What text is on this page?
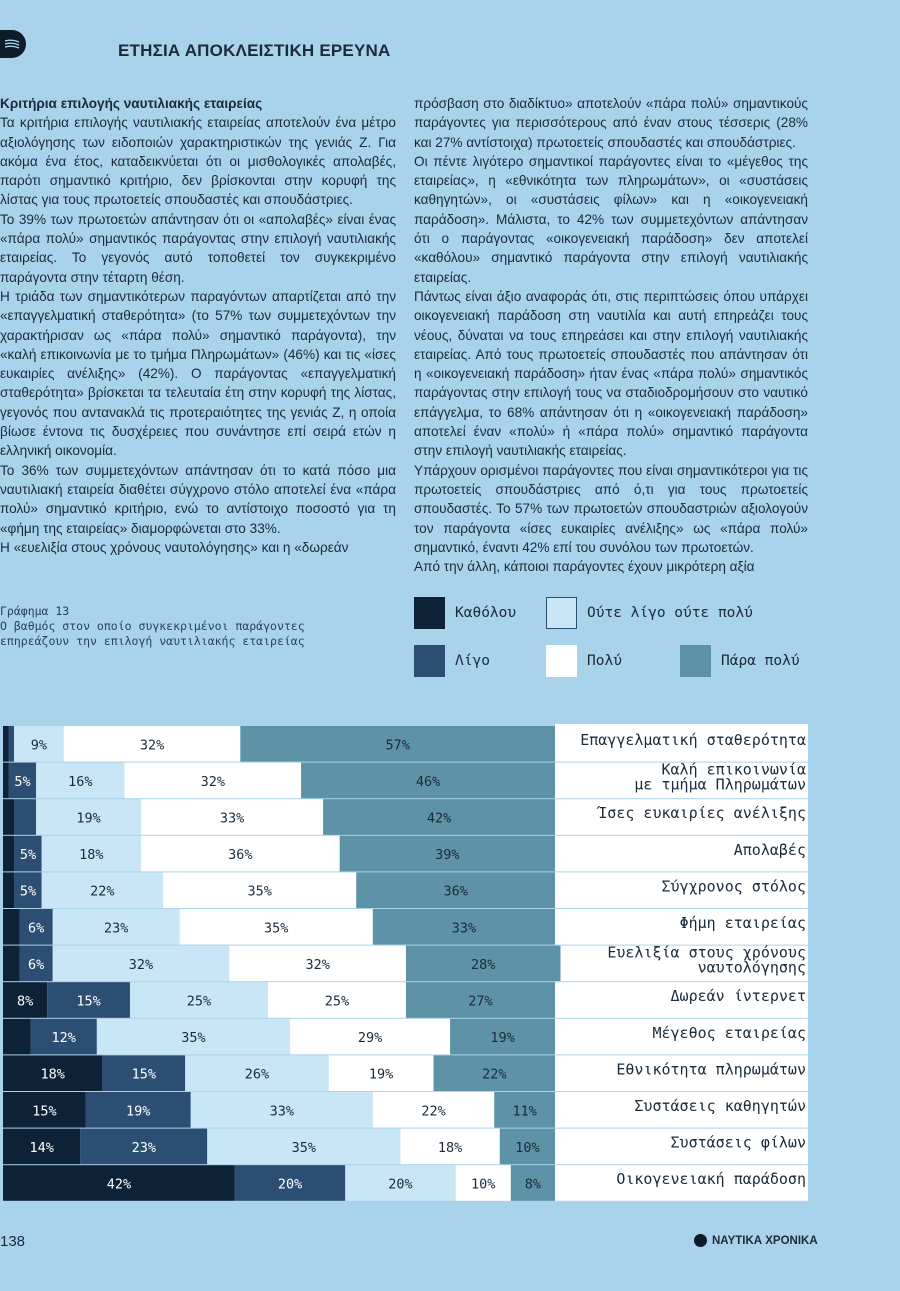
ΕΤΗΣΙΑ ΑΠΟΚΛΕΙΣΤΙΚΗ ΕΡΕΥΝΑ

Κριτήρια επιλογής ναυτιλιακής εταιρείας

Τα κριτήρια επιλογής ναυτιλιακής εταιρείας αποτελούν ένα μέτρο αξιολόγησης των ειδοποιών χαρακτηριστικών της γενιάς Ζ. Για ακόμα ένα έτος, καταδεικνύεται ότι οι μισθολογικές απολαβές, παρότι σημαντικό κριτήριο, δεν βρίσκονται στην κορυφή της λίστας για τους πρωτοετείς σπουδαστές και σπουδάστριες.

Το 39% των πρωτοετών απάντησαν ότι οι «απολαβές» είναι ένας «πάρα πολύ» σημαντικός παράγοντας στην επιλογή ναυτιλιακής εταιρείας. Το γεγονός αυτό τοποθετεί τον συγκεκριμένο παράγοντα στην τέταρτη θέση.

Η τριάδα των σημαντικότερων παραγόντων απαρτίζεται από την «επαγγελματική σταθερότητα» (το 57% των συμμετεχόντων την χαρακτήρισαν ως «πάρα πολύ» σημαντικό παράγοντα), την «καλή επικοινωνία με το τμήμα Πληρωμάτων» (46%) και τις «ίσες ευκαιρίες ανέλιξης» (42%). Ο παράγοντας «επαγγελματική σταθερότητα» βρίσκεται τα τελευταία έτη στην κορυφή της λίστας, γεγονός που αντανακλά τις προτεραιότητες της γενιάς Ζ, η οποία βίωσε έντονα τις δυσχέρειες που συνάντησε επί σειρά ετών η ελληνική οικονομία.

Το 36% των συμμετεχόντων απάντησαν ότι το κατά πόσο μια ναυτιλιακή εταιρεία διαθέτει σύγχρονο στόλο αποτελεί ένα «πάρα πολύ» σημαντικό κριτήριο, ενώ το αντίστοιχο ποσοστό για τη «φήμη της εταιρείας» διαμορφώνεται στο 33%.

Η «ευελιξία στους χρόνους ναυτολόγησης» και η «δωρεάν

πρόσβαση στο διαδίκτυο» αποτελούν «πάρα πολύ» σημαντικούς παράγοντες για περισσότερους από έναν στους τέσσερις (28% και 27% αντίστοιχα) πρωτοετείς σπουδαστές και σπουδάστριες.

Οι πέντε λιγότερο σημαντικοί παράγοντες είναι το «μέγεθος της εταιρείας», η «εθνικότητα των πληρωμάτων», οι «συστάσεις καθηγητών», οι «συστάσεις φίλων» και η «οικογενειακή παράδοση». Μάλιστα, το 42% των συμμετεχόντων απάντησαν ότι ο παράγοντας «οικογενειακή παράδοση» δεν αποτελεί «καθόλου» σημαντικό παράγοντα στην επιλογή ναυτιλιακής εταιρείας.

Πάντως είναι άξιο αναφοράς ότι, στις περιπτώσεις όπου υπάρχει οικογενειακή παράδοση στη ναυτιλία και αυτή επηρεάζει τους νέους, δύναται να τους επηρεάσει και στην επιλογή ναυτιλιακής εταιρείας. Από τους πρωτοετείς σπουδαστές που απάντησαν ότι η «οικογενειακή παράδοση» ήταν ένας «πάρα πολύ» σημαντικός παράγοντας στην επιλογή τους να σταδιοδρομήσουν στο ναυτικό επάγγελμα, το 68% απάντησαν ότι η «οικογενειακή παράδοση» αποτελεί έναν «πολύ» ή «πάρα πολύ» σημαντικό παράγοντα στην επιλογή ναυτιλιακής εταιρείας.

Υπάρχουν ορισμένοι παράγοντες που είναι σημαντικότεροι για τις πρωτοετείς σπουδάστριες από ό,τι για τους πρωτοετείς σπουδαστές. Το 57% των πρωτοετών σπουδαστριών αξιολογούν τον παράγοντα «ίσες ευκαιρίες ανέλιξης» ως «πάρα πολύ» σημαντικό, έναντι 42% επί του συνόλου των πρωτοετών.

Από την άλλη, κάποιοι παράγοντες έχουν μικρότερη αξία

Γράφημα 13
Ο βαθμός στον οποίο συγκεκριμένοι παράγοντες επηρεάζουν την επιλογή ναυτιλιακής εταιρείας
Καθόλου	Ούτε λίγο ούτε πολύ
Λίγο	Πολύ	Πάρα πολύ
9%	32%	57%	Επαγγελματική σταθερότητα
5%	16%	32%	46%
Καλή επικοινωνία
με τμήμα Πληρωμάτων
19%	33%	42%	Ίσες ευκαιρίες ανέλιξης
5%	18%	36%	39%	Απολαβές
5%	22%	35%	36%	Σύγχρονος στόλος
6%	23%	35%	33%	Φήμη εταιρείας
6%	32%	32%	28%
Ευελιξία στους χρόνους
ναυτολόγησης
8%	15%	25%	25%	27%	Δωρεάν ίντερνετ
12%	35%	29%	19%	Μέγεθος εταιρείας
18%	15%	26%	19%	22%	Εθνικότητα πληρωμάτων
15%	19%	33%	22%	11%	Συστάσεις καθηγητών
14%	23%	35%	18%	10%	Συστάσεις φίλων
42%	20%	20%	10% 8%	Οικογενειακή παράδοση
138	ΝΑΥΤΙΚΑ ΧΡΟΝΙΚΑ
